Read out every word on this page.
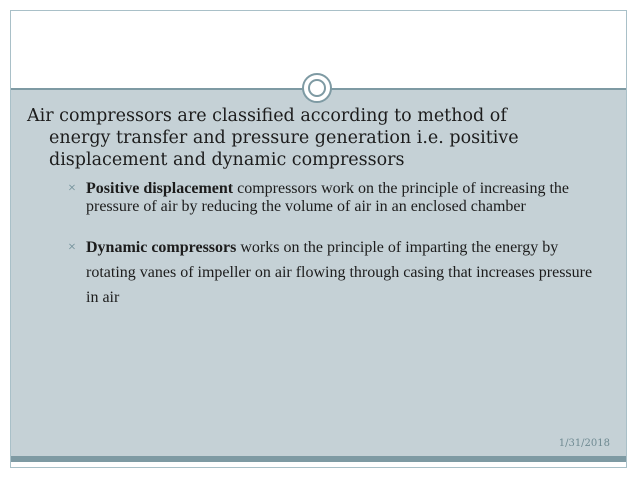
Air compressors are classified according to method of
energy transfer and pressure generation i.e. positive
displacement and dynamic compressors

× Positive displacement compressors work on the principle of increasing the pressure of air by reducing the volume of air in an enclosed chamber
× Dynamic compressors works on the principle of imparting the energy by rotating vanes of impeller on air flowing through casing that increases pressure in air
1/31/2018
